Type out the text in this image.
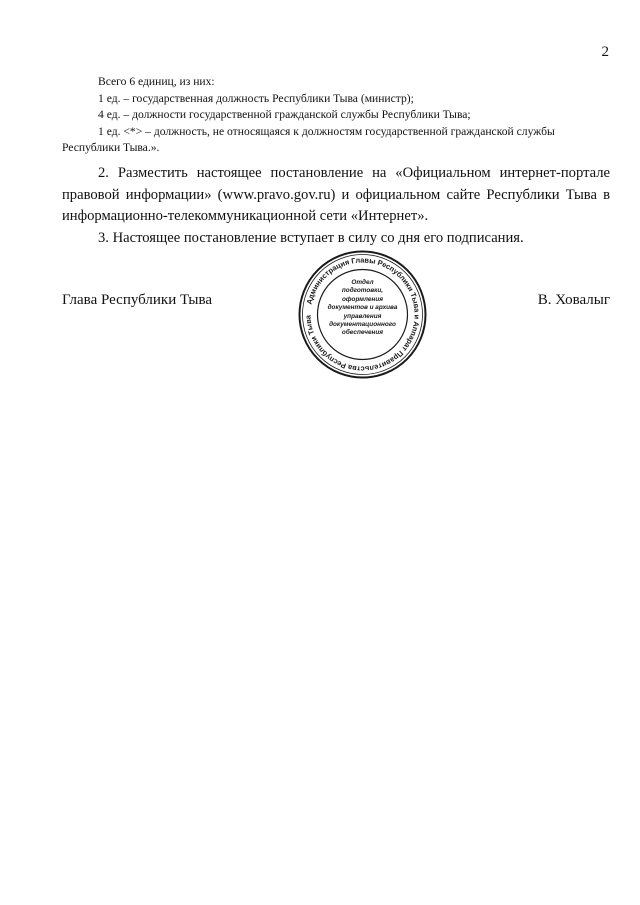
2

Всего 6 единиц, из них:

1 ед. – государственная должность Республики Тыва (министр);

4 ед. – должности государственной гражданской службы Республики Тыва;

1 ед. <*> – должность, не относящаяся к должностям государственной гражданской службы Республики Тыва.».

2. Разместить настоящее постановление на «Официальном интернет-портале правовой информации» (www.pravo.gov.ru) и официальном сайте Республики Тыва в информационно-телекоммуникационной сети «Интернет».

3. Настоящее постановление вступает в силу со дня его подписания.

Глава Республики Тыва	Администрация Главы Республики Тыва и Аппарат Правительства Республики Тыва
Отдел
подготовки,
оформления
документов и архива
управления
документационного
обеспечения
В. Ховалыг
